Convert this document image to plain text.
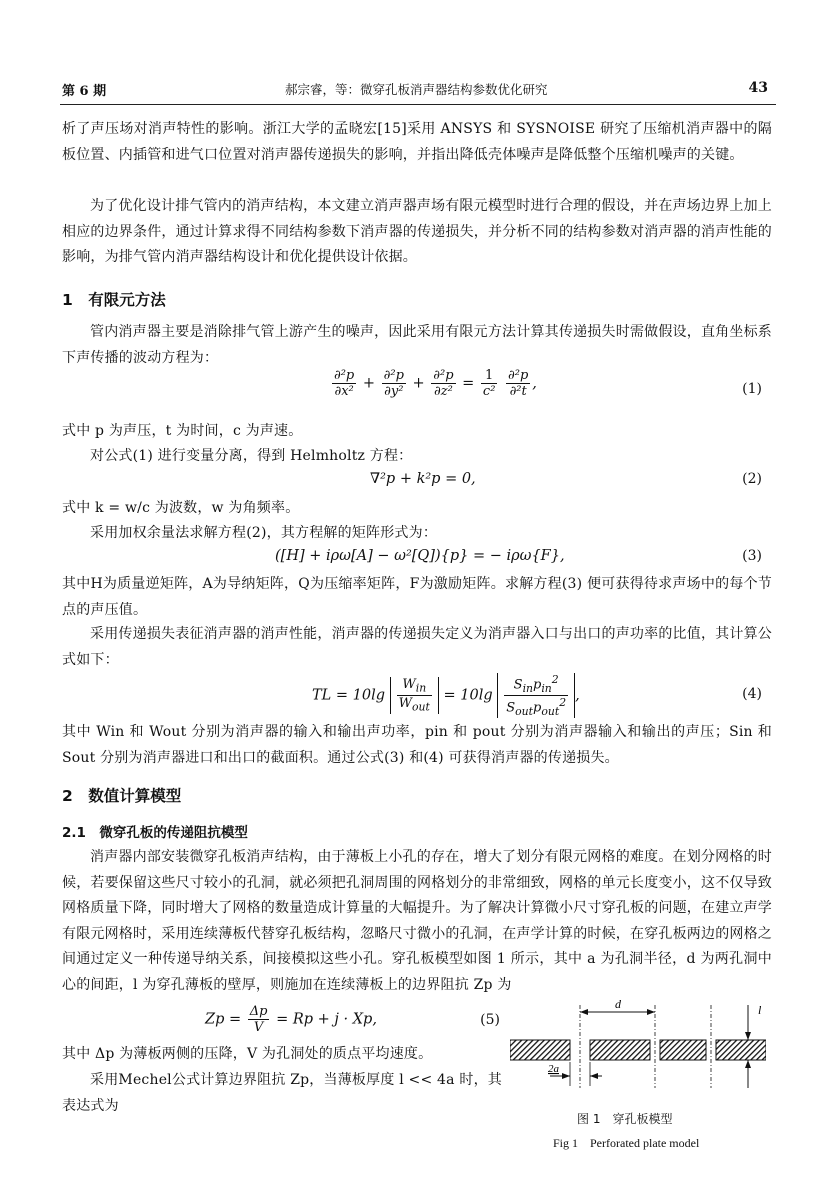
第 6 期	郝宗睿，等：微穿孔板消声器结构参数优化研究	43

析了声压场对消声特性的影响。浙江大学的孟晓宏[15]采用 ANSYS 和 SYSNOISE 研究了压缩机消声器中的隔板位置、内插管和进气口位置对消声器传递损失的影响，并指出降低壳体噪声是降低整个压缩机噪声的关键。

为了优化设计排气管内的消声结构，本文建立消声器声场有限元模型时进行合理的假设，并在声场边界上加上相应的边界条件，通过计算求得不同结构参数下消声器的传递损失，并分析不同的结构参数对消声器的消声性能的影响，为排气管内消声器结构设计和优化提供设计依据。

1　有限元方法

管内消声器主要是消除排气管上游产生的噪声，因此采用有限元方法计算其传递损失时需做假设，直角坐标系下声传播的波动方程为：

$\frac{\text{∂²p}}{\text{∂x²}} + \frac{\text{∂²p}}{\text{∂y²}} + \frac{\text{∂²p}}{\text{∂z²}} = \frac{1}{\text{c²}}$
$\frac{\text{∂²p}}{\text{∂²t}}$ ,	(1)

式中 p 为声压，t 为时间，c 为声速。

对公式(1) 进行变量分离，得到 Helmholtz 方程：

∇²p + k²p = 0,	(2)

式中 k = w/c 为波数，w 为角频率。

采用加权余量法求解方程(2)，其方程解的矩阵形式为：

([H] + iρω[A] − ω²[Q]){p} = − iρω{F},	(3)

其中H为质量逆矩阵，A为导纳矩阵，Q为压缩率矩阵，F为激励矩阵。求解方程(3) 便可获得待求声场中的每个节点的声压值。

采用传递损失表征消声器的消声性能，消声器的传递损失定义为消声器入口与出口的声功率的比值，其计算公式如下：

TL = $10\lg \frac{W_{in}}{W_{out}} = 10\lg \frac{S_{in}p_{in}^2}{S_{out}p_{out}^2}$ ,	(4)

其中 Win 和 Wout 分别为消声器的输入和输出声功率，pin 和 pout 分别为消声器输入和输出的声压；Sin 和 Sout 分别为消声器进口和出口的截面积。通过公式(3) 和(4) 可获得消声器的传递损失。

2　数值计算模型
2.1　微穿孔板的传递阻抗模型

消声器内部安装微穿孔板消声结构，由于薄板上小孔的存在，增大了划分有限元网格的难度。在划分网格的时候，若要保留这些尺寸较小的孔洞，就必须把孔洞周围的网格划分的非常细致，网格的单元长度变小，这不仅导致网格质量下降，同时增大了网格的数量造成计算量的大幅提升。为了解决计算微小尺寸穿孔板的问题，在建立声学有限元网格时，采用连续薄板代替穿孔板结构，忽略尺寸微小的孔洞，在声学计算的时候，在穿孔板两边的网格之间通过定义一种传递导纳关系，间接模拟这些小孔。穿孔板模型如图 1 所示，其中 a 为孔洞半径，d 为两孔洞中心的间距，l 为穿孔薄板的壁厚，则施加在连续薄板上的边界阻抗 Zp 为

$Zp = \frac{\Delta p}{V} = Rp + j \cdot Xp$,	(5)

其中 Δp 为薄板两侧的压降，V 为孔洞处的质点平均速度。

采用Mechel公式计算边界阻抗 Zp，当薄板厚度 l << 4a 时，其表达式为

d	l
2a
图 1　穿孔板模型
Fig 1　Perforated plate model
